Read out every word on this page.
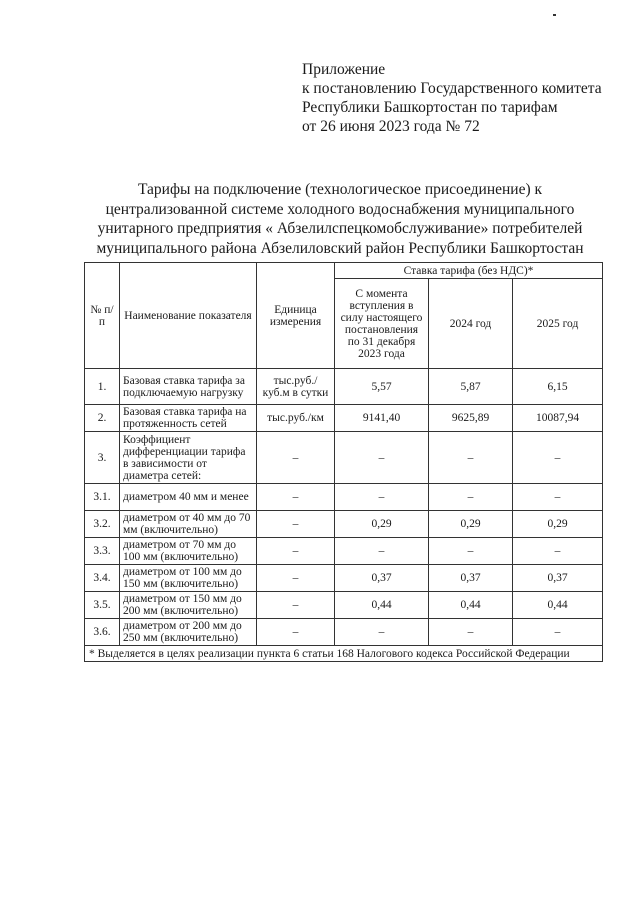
Приложение
к постановлению Государственного комитета
Республики Башкортостан по тарифам
от 26 июня 2023 года № 72
Тарифы на подключение (технологическое присоединение) к
централизованной системе холодного водоснабжения муниципального
унитарного предприятия « Абзелилспецкомобслуживание» потребителей
муниципального района Абзелиловский район Республики Башкортостан
№ п/п	Наименование показателя	Единица измерения	Ставка тарифа (без НДС)*		
			С момента вступления в силу настоящего постановления по 31 декабря 2023 года	2024 год	2025 год
1.	Базовая ставка тарифа за подключаемую нагрузку	тыс.руб./ куб.м в сутки	5,57	5,87	6,15
2.	Базовая ставка тарифа на протяженность сетей	тыс.руб./км	9141,40	9625,89	10087,94
3.	Коэффициент дифференциации тарифа в зависимости от диаметра сетей:	–	–	–	–
3.1.	диаметром 40 мм и менее	–	–	–	–
3.2.	диаметром от 40 мм до 70 мм (включительно)	–	0,29	0,29	0,29
3.3.	диаметром от 70 мм до 100 мм (включительно)	–	–	–	–
3.4.	диаметром от 100 мм до 150 мм (включительно)	–	0,37	0,37	0,37
3.5.	диаметром от 150 мм до 200 мм (включительно)	–	0,44	0,44	0,44
3.6.	диаметром от 200 мм до 250 мм (включительно)	–	–	–	–
* Выделяется в целях реализации пункта 6 статьи 168 Налогового кодекса Российской Федерации					
